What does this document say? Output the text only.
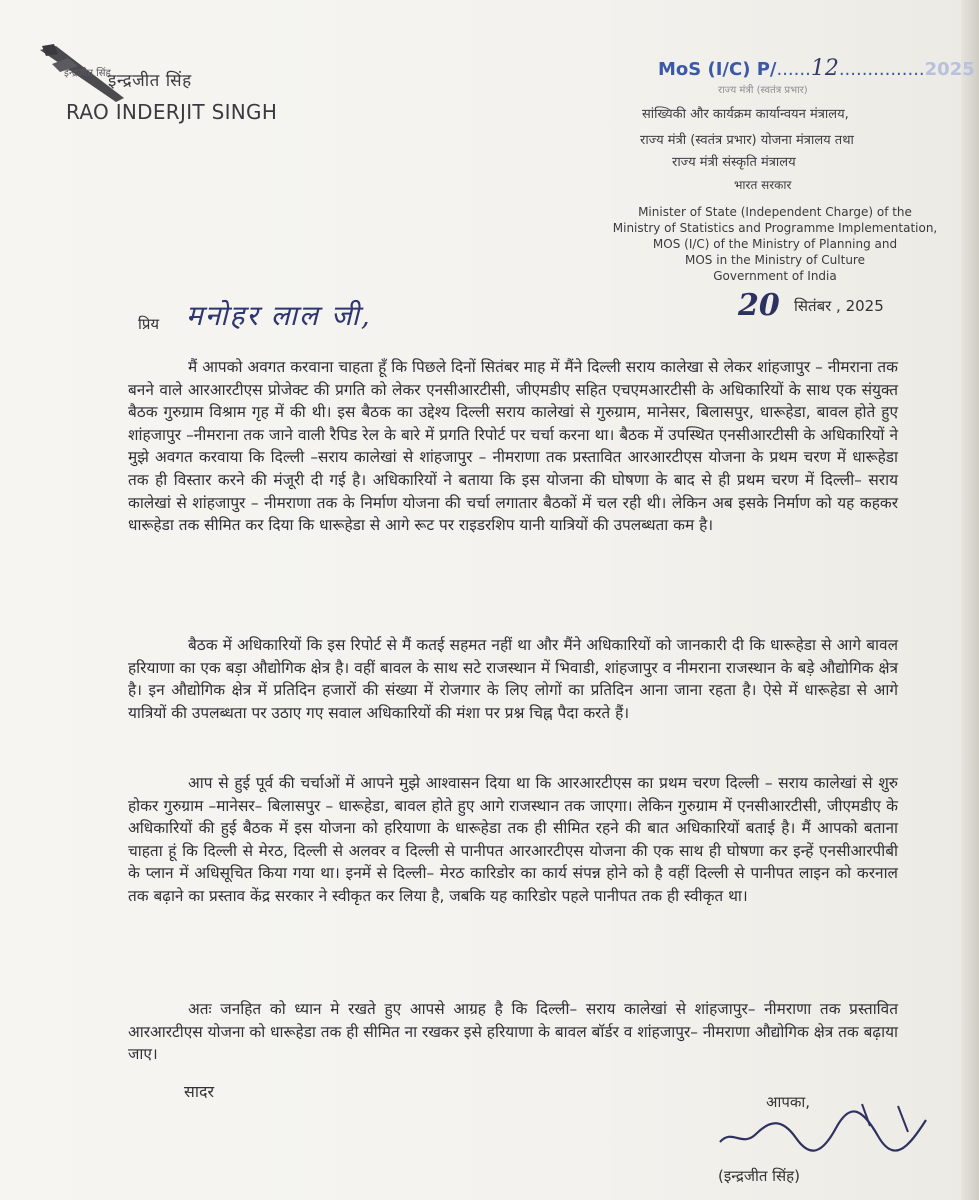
इन्द्रजीत सिंह
इन्द्रजीत सिंह
RAO INDERJIT SINGH
MoS (I/C) P/......12...............2025
राज्य मंत्री (स्वतंत्र प्रभार)
सांख्यिकी और कार्यक्रम कार्यान्वयन मंत्रालय,
राज्य मंत्री (स्वतंत्र प्रभार) योजना मंत्रालय तथा
राज्य मंत्री संस्कृति मंत्रालय
भारत सरकार
Minister of State (Independent Charge) of the
Ministry of Statistics and Programme Implementation,
MOS (I/C) of the Ministry of Planning and
MOS in the Ministry of Culture
Government of India
20 सितंबर , 2025
प्रिय मनोहर लाल जी,
मैं आपको अवगत करवाना चाहता हूँ कि पिछले दिनों सितंबर माह में मैंने दिल्ली सराय कालेखा से लेकर शांहजापुर – नीमराना तक बनने वाले आरआरटीएस प्रोजेक्ट की प्रगति को लेकर एनसीआरटीसी, जीएमडीए सहित एचएमआरटीसी के अधिकारियों के साथ एक संयुक्त बैठक गुरुग्राम विश्राम गृह में की थी। इस बैठक का उद्देश्य दिल्ली सराय कालेखां से गुरुग्राम, मानेसर, बिलासपुर, धारूहेडा, बावल होते हुए शांहजापुर –नीमराना तक जाने वाली रैपिड रेल के बारे में प्रगति रिपोर्ट पर चर्चा करना था। बैठक में उपस्थित एनसीआरटीसी के अधिकारियों ने मुझे अवगत करवाया कि दिल्ली –सराय कालेखां से शांहजापुर – नीमराणा तक प्रस्तावित आरआरटीएस योजना के प्रथम चरण में धारूहेडा तक ही विस्तार करने की मंजूरी दी गई है। अधिकारियों ने बताया कि इस योजना की घोषणा के बाद से ही प्रथम चरण में दिल्ली– सराय कालेखां से शांहजापुर – नीमराणा तक के निर्माण योजना की चर्चा लगातार बैठकों में चल रही थी। लेकिन अब इसके निर्माण को यह कहकर धारूहेडा तक सीमित कर दिया कि धारूहेडा से आगे रूट पर राइडरशिप यानी यात्रियों की उपलब्धता कम है।
बैठक में अधिकारियों कि इस रिपोर्ट से मैं कतई सहमत नहीं था और मैंने अधिकारियों को जानकारी दी कि धारूहेडा से आगे बावल हरियाणा का एक बड़ा औद्योगिक क्षेत्र है। वहीं बावल के साथ सटे राजस्थान में भिवाडी, शांहजापुर व नीमराना राजस्थान के बड़े औद्योगिक क्षेत्र है। इन औद्योगिक क्षेत्र में प्रतिदिन हजारों की संख्या में रोजगार के लिए लोगों का प्रतिदिन आना जाना रहता है। ऐसे में धारूहेडा से आगे यात्रियों की उपलब्धता पर उठाए गए सवाल अधिकारियों की मंशा पर प्रश्न चिह्न पैदा करते हैं।
आप से हुई पूर्व की चर्चाओं में आपने मुझे आश्वासन दिया था कि आरआरटीएस का प्रथम चरण दिल्ली – सराय कालेखां से शुरु होकर गुरुग्राम –मानेसर– बिलासपुर – धारूहेडा, बावल होते हुए आगे राजस्थान तक जाएगा। लेकिन गुरुग्राम में एनसीआरटीसी, जीएमडीए के अधिकारियों की हुई बैठक में इस योजना को हरियाणा के धारूहेडा तक ही सीमित रहने की बात अधिकारियों बताई है। मैं आपको बताना चाहता हूं कि दिल्ली से मेरठ, दिल्ली से अलवर व दिल्ली से पानीपत आरआरटीएस योजना की एक साथ ही घोषणा कर इन्हें एनसीआरपीबी के प्लान में अधिसूचित किया गया था। इनमें से दिल्ली– मेरठ कारिडोर का कार्य संपन्न होने को है वहीं दिल्ली से पानीपत लाइन को करनाल तक बढ़ाने का प्रस्ताव केंद्र सरकार ने स्वीकृत कर लिया है, जबकि यह कारिडोर पहले पानीपत तक ही स्वीकृत था।
अतः जनहित को ध्यान मे रखते हुए आपसे आग्रह है कि दिल्ली– सराय कालेखां से शांहजापुर– नीमराणा तक प्रस्तावित आरआरटीएस योजना को धारूहेडा तक ही सीमित ना रखकर इसे हरियाणा के बावल बॉर्डर व शांहजापुर– नीमराणा औद्योगिक क्षेत्र तक बढ़ाया जाए।
सादर
आपका,
(इन्द्रजीत सिंह)
